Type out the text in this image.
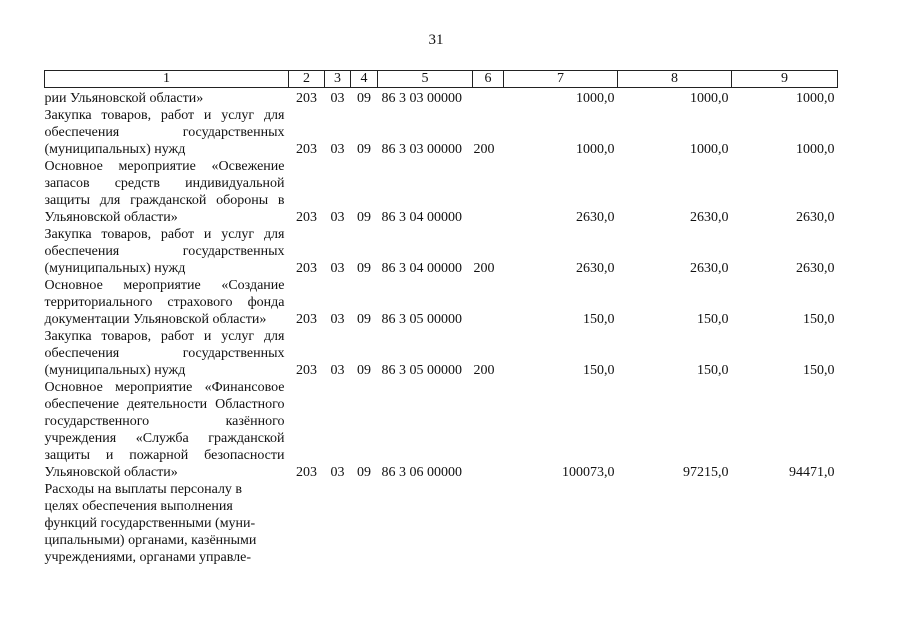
31
1	2	3	4	5	6	7	8	9
рии Ульяновской области»	203	03	09	86 3 03 00000		1000,0	1000,0	1000,0
Закупка товаров, работ и услуг для обеспечения государственных (муниципальных) нужд	203	03	09	86 3 03 00000	200	1000,0	1000,0	1000,0
Основное мероприятие «Освежение запасов средств индивидуальной защиты для гражданской обороны в Ульяновской области»	203	03	09	86 3 04 00000		2630,0	2630,0	2630,0
Закупка товаров, работ и услуг для обеспечения государственных (муниципальных) нужд	203	03	09	86 3 04 00000	200	2630,0	2630,0	2630,0
Основное мероприятие «Создание территориального страхового фонда документации Ульяновской области»	203	03	09	86 3 05 00000		150,0	150,0	150,0
Закупка товаров, работ и услуг для обеспечения государственных (муниципальных) нужд	203	03	09	86 3 05 00000	200	150,0	150,0	150,0
Основное мероприятие «Финансовое обеспечение деятельности Областного государственного казённого учреждения «Служба гражданской защиты и пожарной безопасности Ульяновской области»	203	03	09	86 3 06 00000		100073,0	97215,0	94471,0

Расходы на выплаты персоналу в
целях обеспечения выполнения
функций государственными (муни-
ципальными) органами, казёнными
учреждениями, органами управле-								
